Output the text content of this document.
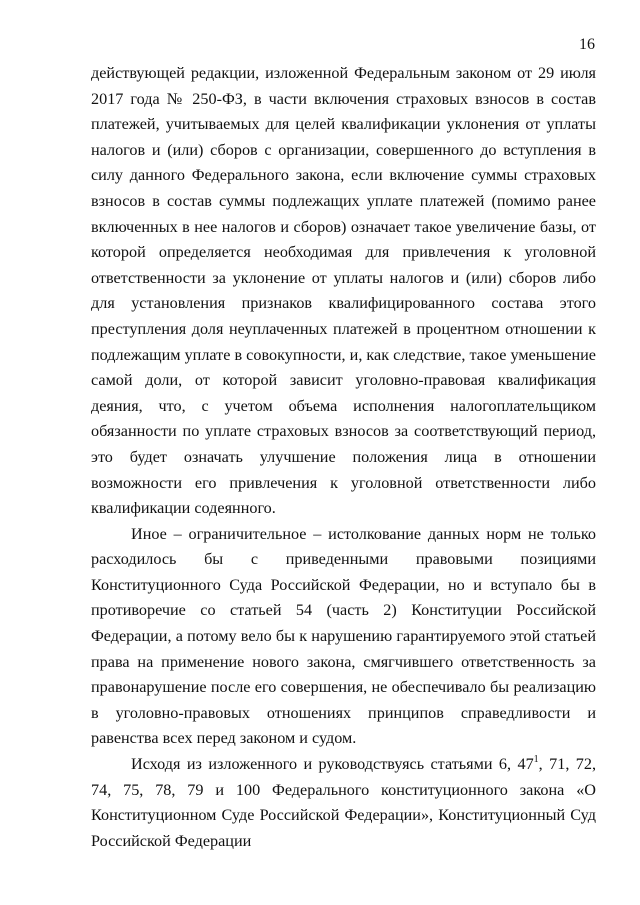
16

действующей редакции, изложенной Федеральным законом от 29 июля 2017 года № 250-ФЗ, в части включения страховых взносов в состав платежей, учитываемых для целей квалификации уклонения от уплаты налогов и (или) сборов с организации, совершенного до вступления в силу данного Федерального закона, если включение суммы страховых взносов в состав суммы подлежащих уплате платежей (помимо ранее включенных в нее налогов и сборов) означает такое увеличение базы, от которой определяется необходимая для привлечения к уголовной ответственности за уклонение от уплаты налогов и (или) сборов либо для установления признаков квалифицированного состава этого преступления доля неуплаченных платежей в процентном отношении к подлежащим уплате в совокупности, и, как следствие, такое уменьшение самой доли, от которой зависит уголовно-правовая квалификация деяния, что, с учетом объема исполнения налогоплательщиком обязанности по уплате страховых взносов за соответствующий период, это будет означать улучшение положения лица в отношении возможности его привлечения к уголовной ответственности либо квалификации содеянного.

Иное – ограничительное – истолкование данных норм не только расходилось бы с приведенными правовыми позициями Конституционного Суда Российской Федерации, но и вступало бы в противоречие со статьей 54 (часть 2) Конституции Российской Федерации, а потому вело бы к нарушению гарантируемого этой статьей права на применение нового закона, смягчившего ответственность за правонарушение после его совершения, не обеспечивало бы реализацию в уголовно-правовых отношениях принципов справедливости и равенства всех перед законом и судом.

Исходя из изложенного и руководствуясь статьями 6, $47^1$, 71, 72, 74, 75, 78, 79 и 100 Федерального конституционного закона «О Конституционном Суде Российской Федерации», Конституционный Суд Российской Федерации
